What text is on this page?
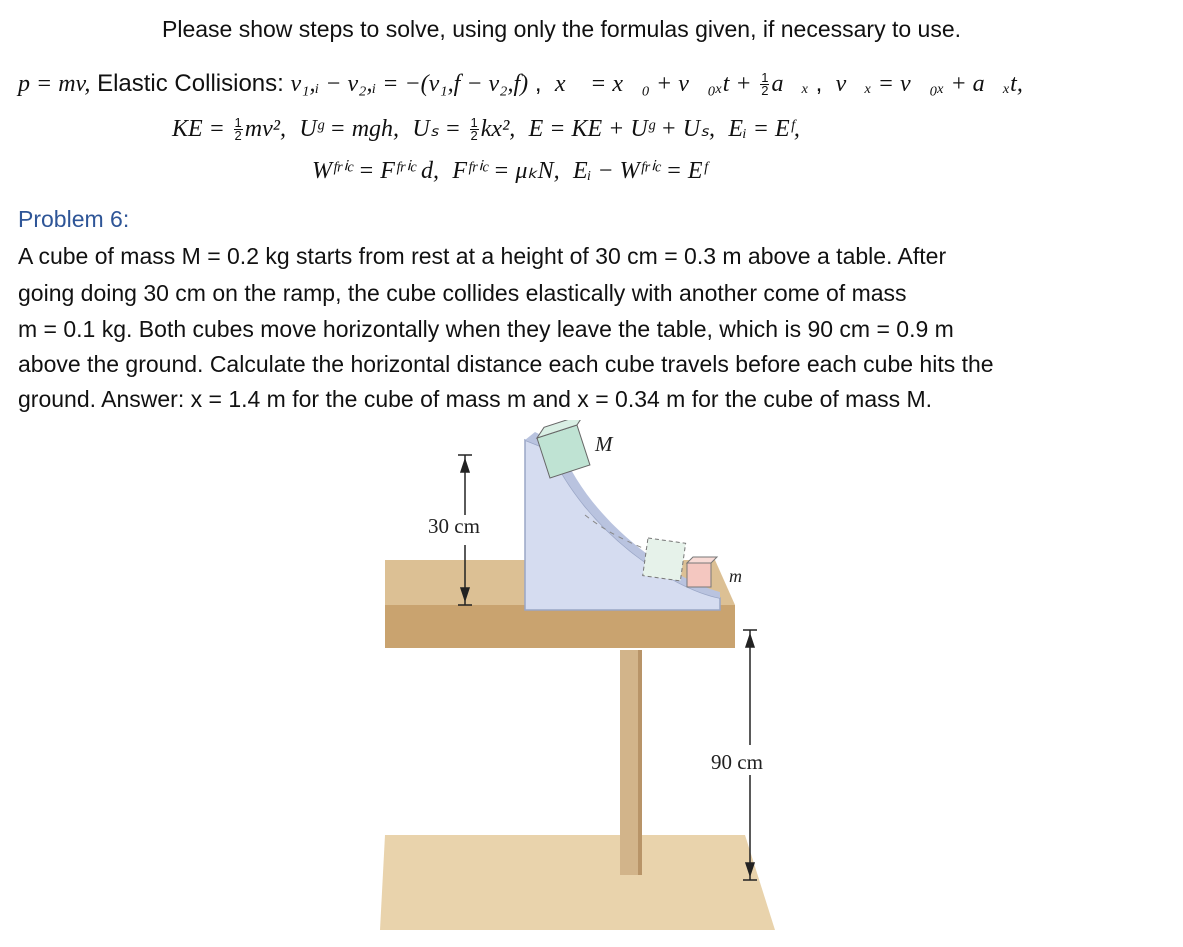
Please show steps to solve, using only the formulas given, if necessary to use.
p = mv, Elastic Collisions: v₁,ᵢ − v₂,ᵢ = −(v₁,f − v₂,f) ,  x⃗ = x⃗₀ + v⃗₀ₓt + $\frac{1}{2}$ a⃗ₓ ,  v⃗ₓ = v⃗₀ₓ + a⃗ₓt,
KE = $\frac{1}{2} mv^2$, Uᵍ = mgh, $U_s = \frac{1}{2} kx^2$, E = KE + Uᵍ + Uₛ, Eᵢ = Eᶠ,
Wᶠʳⁱᶜ = Fᶠʳⁱᶜ d, Fᶠʳⁱᶜ = μₖN, Eᵢ − Wᶠʳⁱᶜ = Eᶠ
Problem 6:
A cube of mass M = 0.2 kg starts from rest at a height of 30 cm = 0.3 m above a table. After
going doing 30 cm on the ramp, the cube collides elastically with another come of mass
m = 0.1 kg. Both cubes move horizontally when they leave the table, which is 90 cm = 0.9 m
above the ground. Calculate the horizontal distance each cube travels before each cube hits the
ground. Answer: x = 1.4 m for the cube of mass m and x = 0.34 m for the cube of mass M.
M
m
30 cm
90 cm
